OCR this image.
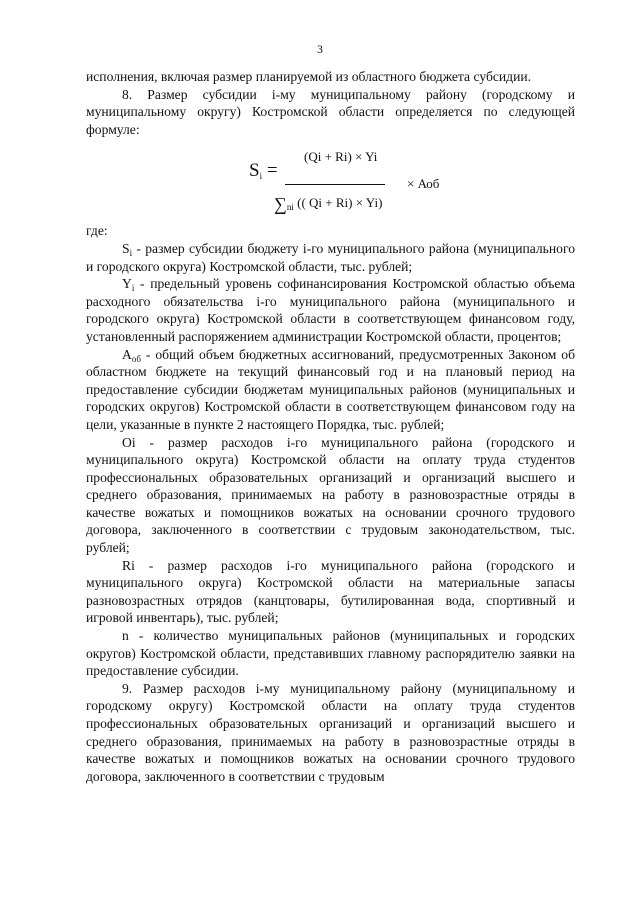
3

исполнения, включая размер планируемой из областного бюджета субсидии.

8. Размер субсидии i-му муниципальному району (городскому и муниципальному округу) Костромской области определяется по следующей формуле:

(Qi + Ri) × Yi
$S_i$ =
× Аоб
$\sum_{ni}$ (( Qi + Ri) × Yi)

где:

$S_i$ - размер субсидии бюджету i-го муниципального района (муниципального и городского округа) Костромской области, тыс. рублей;

$Y_i$ - предельный уровень софинансирования Костромской областью объема расходного обязательства i-го муниципального района (муниципального и городского округа) Костромской области в соответствующем финансовом году, установленный распоряжением администрации Костромской области, процентов;

$А_{об}$ - общий объем бюджетных ассигнований, предусмотренных Законом об областном бюджете на текущий финансовый год и на плановый период на предоставление субсидии бюджетам муниципальных районов (муниципальных и городских округов) Костромской области в соответствующем финансовом году на цели, указанные в пункте 2 настоящего Порядка, тыс. рублей;

Оi - размер расходов i-го муниципального района (городского и муниципального округа) Костромской области на оплату труда студентов профессиональных образовательных организаций и организаций высшего и среднего образования, принимаемых на работу в разновозрастные отряды в качестве вожатых и помощников вожатых на основании срочного трудового договора, заключенного в соответствии с трудовым законодательством, тыс. рублей;

Ri - размер расходов i-го муниципального района (городского и муниципального округа) Костромской области на материальные запасы разновозрастных отрядов (канцтовары, бутилированная вода, спортивный и игровой инвентарь), тыс. рублей;

n - количество муниципальных районов (муниципальных и городских округов) Костромской области, представивших главному распорядителю заявки на предоставление субсидии.

9. Размер расходов i-му муниципальному району (муниципальному и городскому округу) Костромской области на оплату труда студентов профессиональных образовательных организаций и организаций высшего и среднего образования, принимаемых на работу в разновозрастные отряды в качестве вожатых и помощников вожатых на основании срочного трудового договора, заключенного в соответствии с трудовым
